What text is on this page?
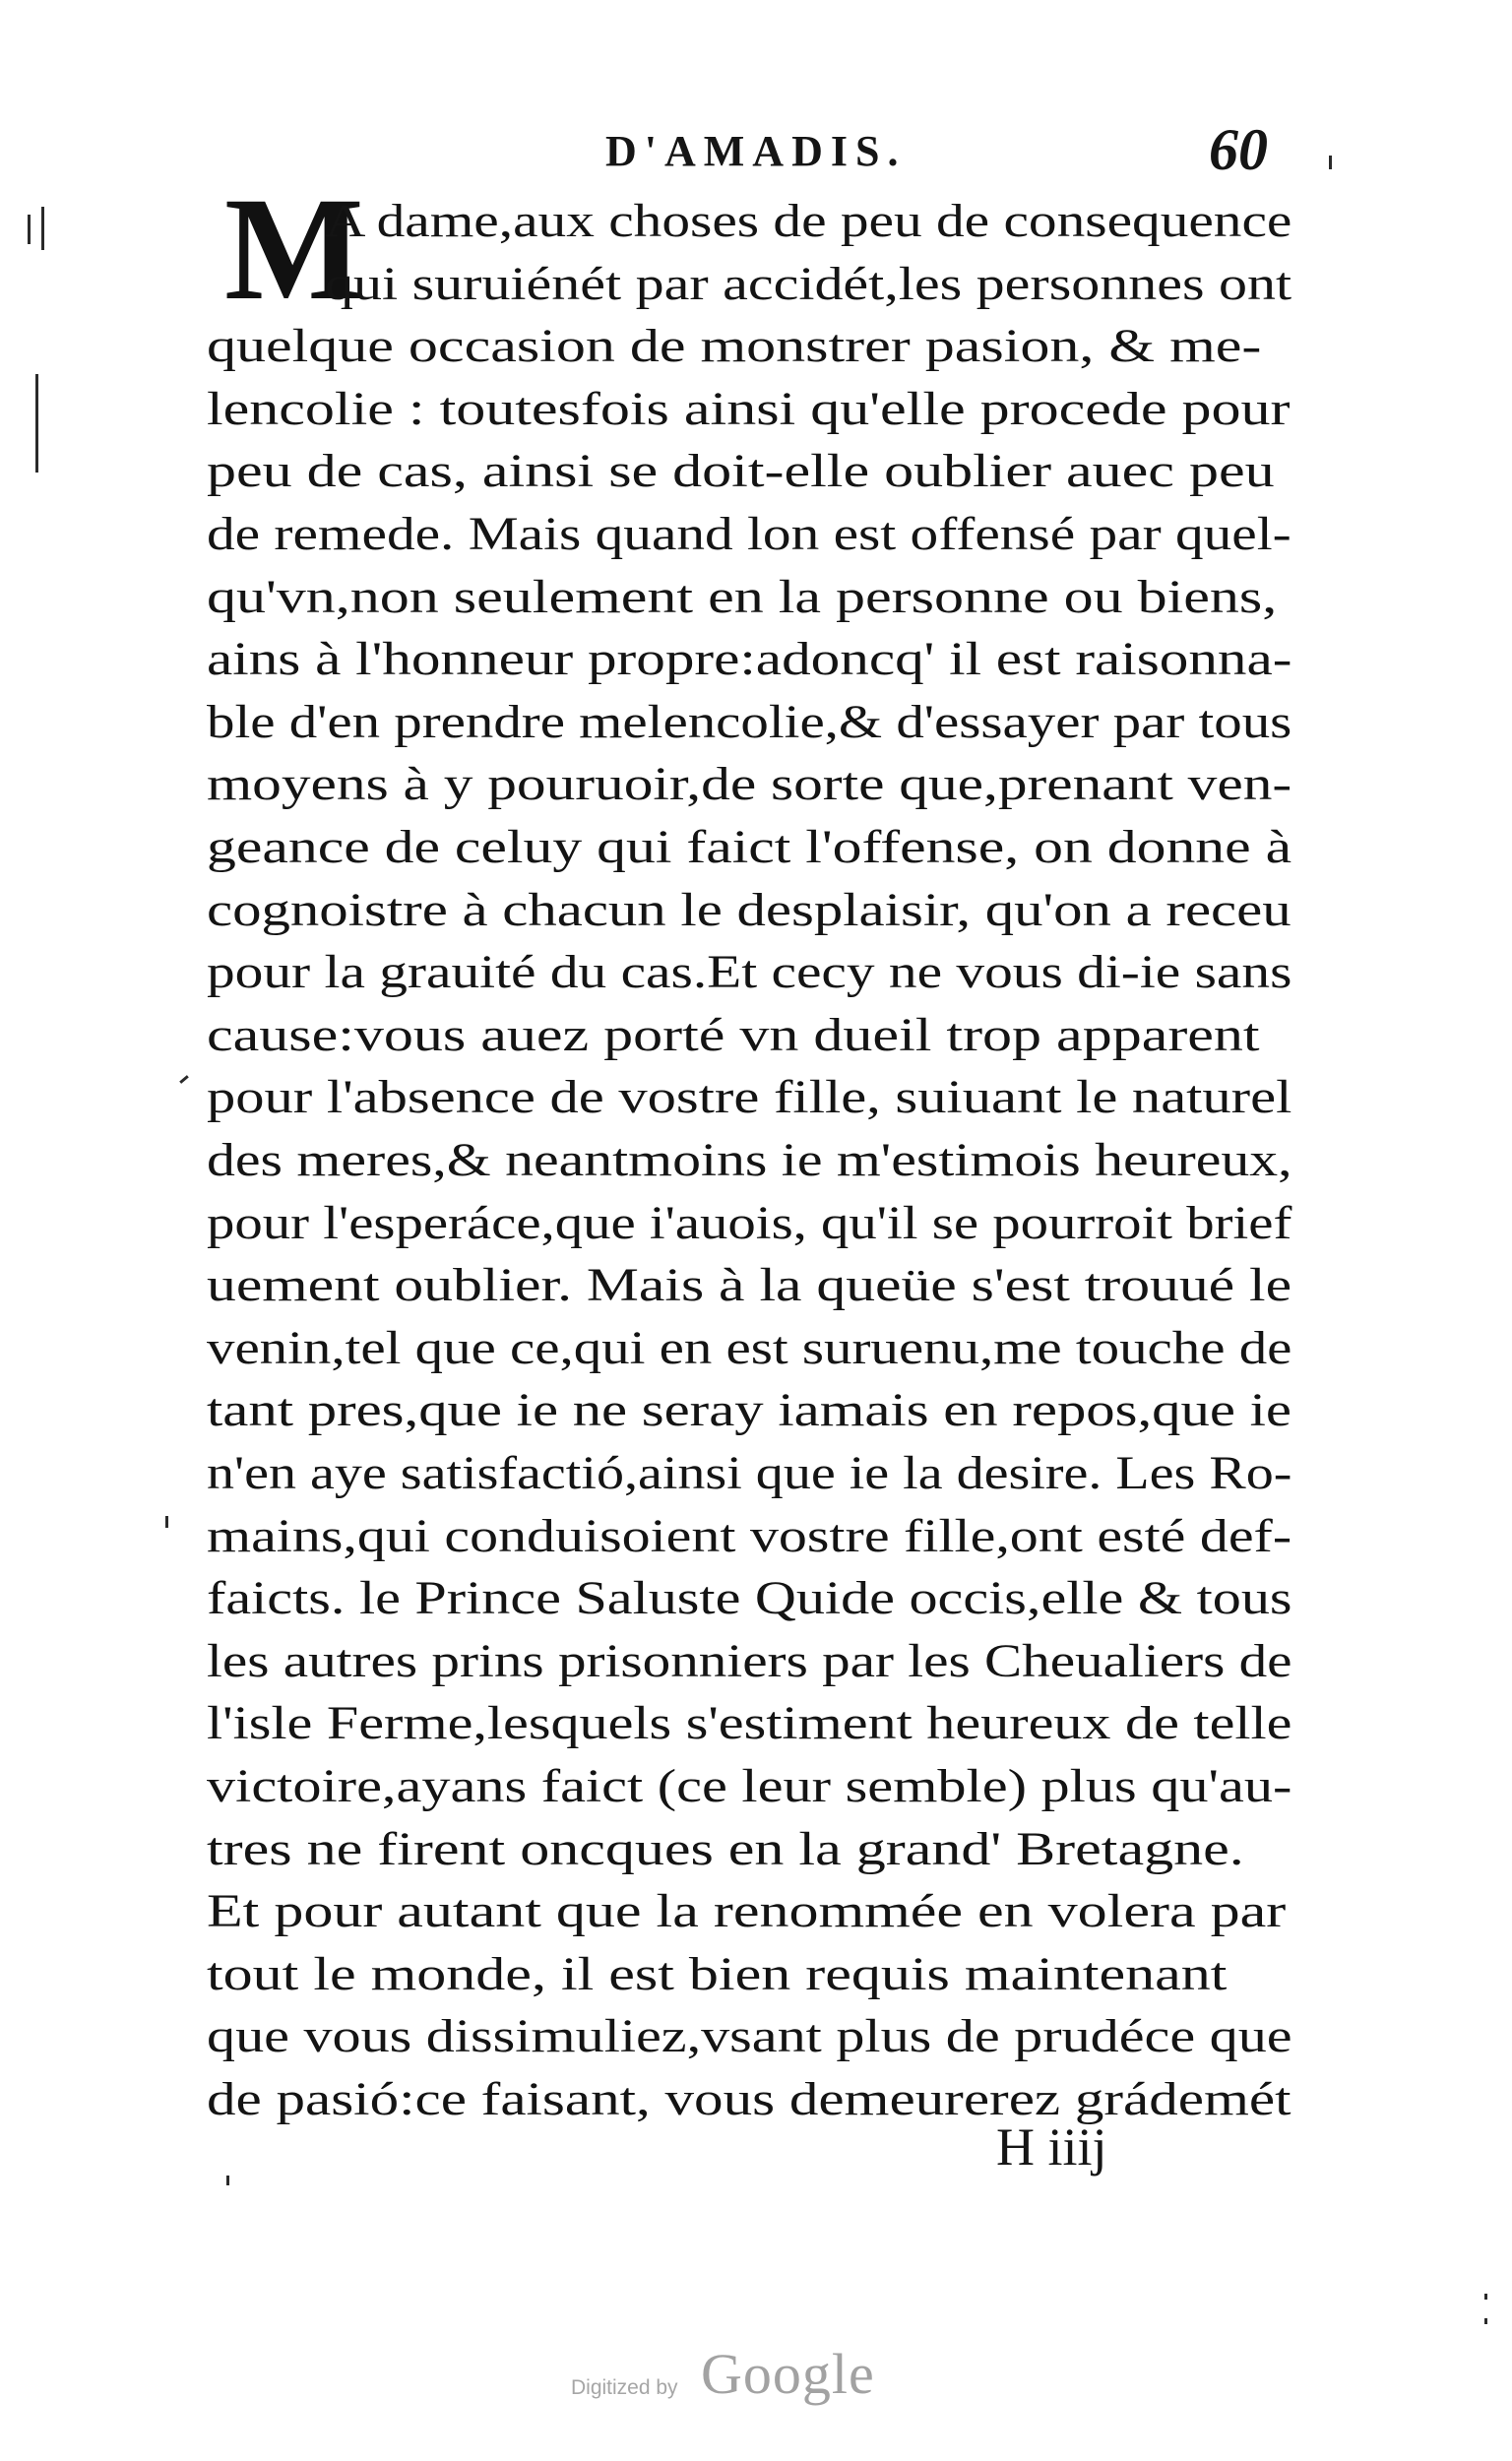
D'AMADIS.	60
M
A dame,aux choses de peu de consequence
qui suruiénét par accidét,les personnes ont
quelque occasion de monstrer pasion, & me-
lencolie : toutesfois ainsi qu'elle procede pour
peu de cas, ainsi se doit-elle oublier auec peu
de remede. Mais quand lon est offensé par quel-
qu'vn,non seulement en la personne ou biens,
ains à l'honneur propre:adoncq' il est raisonna-
ble d'en prendre melencolie,& d'essayer par tous
moyens à y pouruoir,de sorte que,prenant ven-
geance de celuy qui faict l'offense, on donne à
cognoistre à chacun le desplaisir, qu'on a receu
pour la grauité du cas.Et cecy ne vous di-ie sans
cause:vous auez porté vn dueil trop apparent
pour l'absence de vostre fille, suiuant le naturel
des meres,& neantmoins ie m'estimois heureux,
pour l'esperáce,que i'auois, qu'il se pourroit brief
uement oublier. Mais à la queüe s'est trouué le
venin,tel que ce,qui en est suruenu,me touche de
tant pres,que ie ne seray iamais en repos,que ie
n'en aye satisfactió,ainsi que ie la desire. Les Ro-
mains,qui conduisoient vostre fille,ont esté def-
faicts. le Prince Saluste Quide occis,elle & tous
les autres prins prisonniers par les Cheualiers de
l'isle Ferme,lesquels s'estiment heureux de telle
victoire,ayans faict (ce leur semble) plus qu'au-
tres ne firent oncques en la grand' Bretagne.
Et pour autant que la renommée en volera par
tout le monde, il est bien requis maintenant
que vous dissimuliez,vsant plus de prudéce que
de pasió:ce faisant, vous demeurerez grádemét
H iiij
Digitized by Google
